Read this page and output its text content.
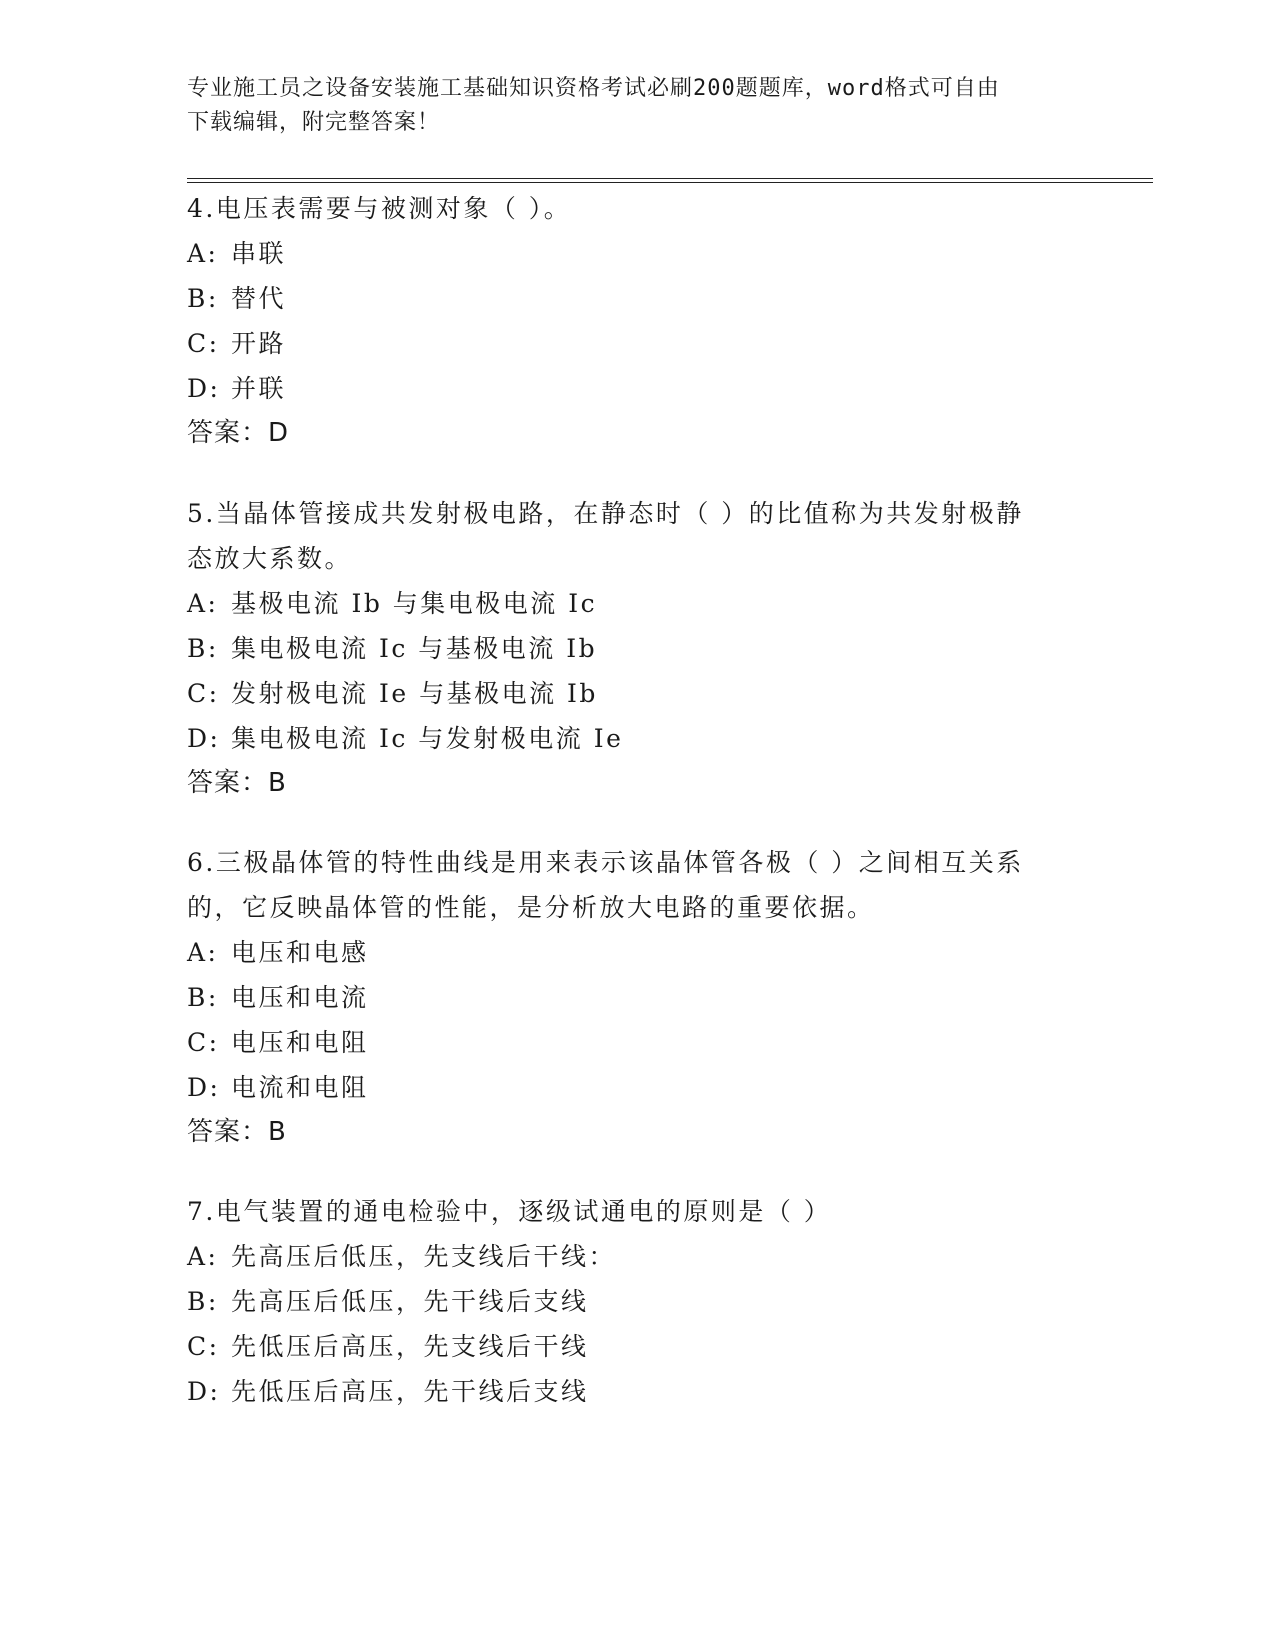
专业施工员之设备安装施工基础知识资格考试必刷200题题库，word格式可自由
下载编辑，附完整答案！
4.电压表需要与被测对象（ ）。
A: 串联
B: 替代
C: 开路
D: 并联
答案：D
5.当晶体管接成共发射极电路，在静态时（ ）的比值称为共发射极静
态放大系数。
A: 基极电流 Ib 与集电极电流 Ic
B: 集电极电流 Ic 与基极电流 Ib
C: 发射极电流 Ie 与基极电流 Ib
D: 集电极电流 Ic 与发射极电流 Ie
答案：B
6.三极晶体管的特性曲线是用来表示该晶体管各极（ ）之间相互关系
的，它反映晶体管的性能，是分析放大电路的重要依据。
A: 电压和电感
B: 电压和电流
C: 电压和电阻
D: 电流和电阻
答案：B
7.电气装置的通电检验中，逐级试通电的原则是（ ）
A: 先高压后低压，先支线后干线：
B: 先高压后低压，先干线后支线
C: 先低压后高压，先支线后干线
D: 先低压后高压，先干线后支线
